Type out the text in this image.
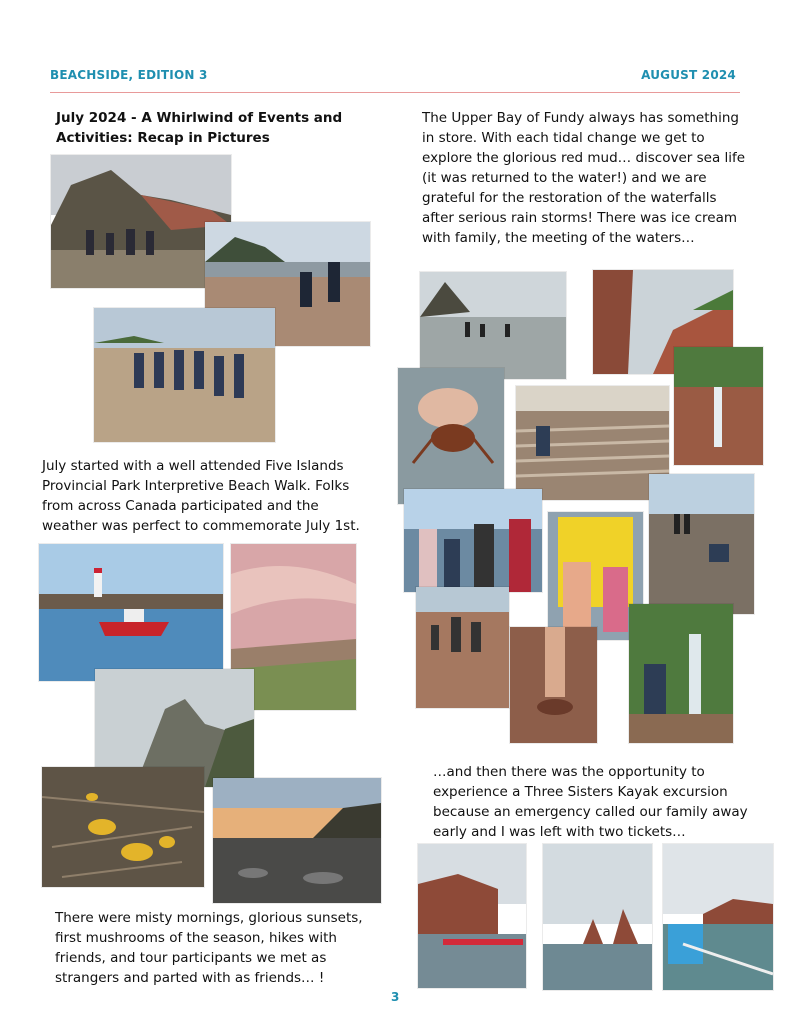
BEACHSIDE, EDITION 3	AUGUST 2024
July 2024 - A Whirlwind of Events and Activities: Recap in Pictures
July started with a well attended Five Islands Provincial Park Interpretive Beach Walk. Folks from across Canada participated and the weather was perfect to commemorate July 1st.
There were misty mornings, glorious sunsets, first mushrooms of the season, hikes with friends, and tour participants we met as strangers and parted with as friends… !
The Upper Bay of Fundy always has something in store. With each tidal change we get to explore the glorious red mud… discover sea life (it was returned to the water!) and we are grateful for the restoration of the waterfalls after serious rain storms! There was ice cream with family, the meeting of the waters…
…and then there was the opportunity to experience a Three Sisters Kayak excursion because an emergency called our family away early and I was left with two tickets…
3
